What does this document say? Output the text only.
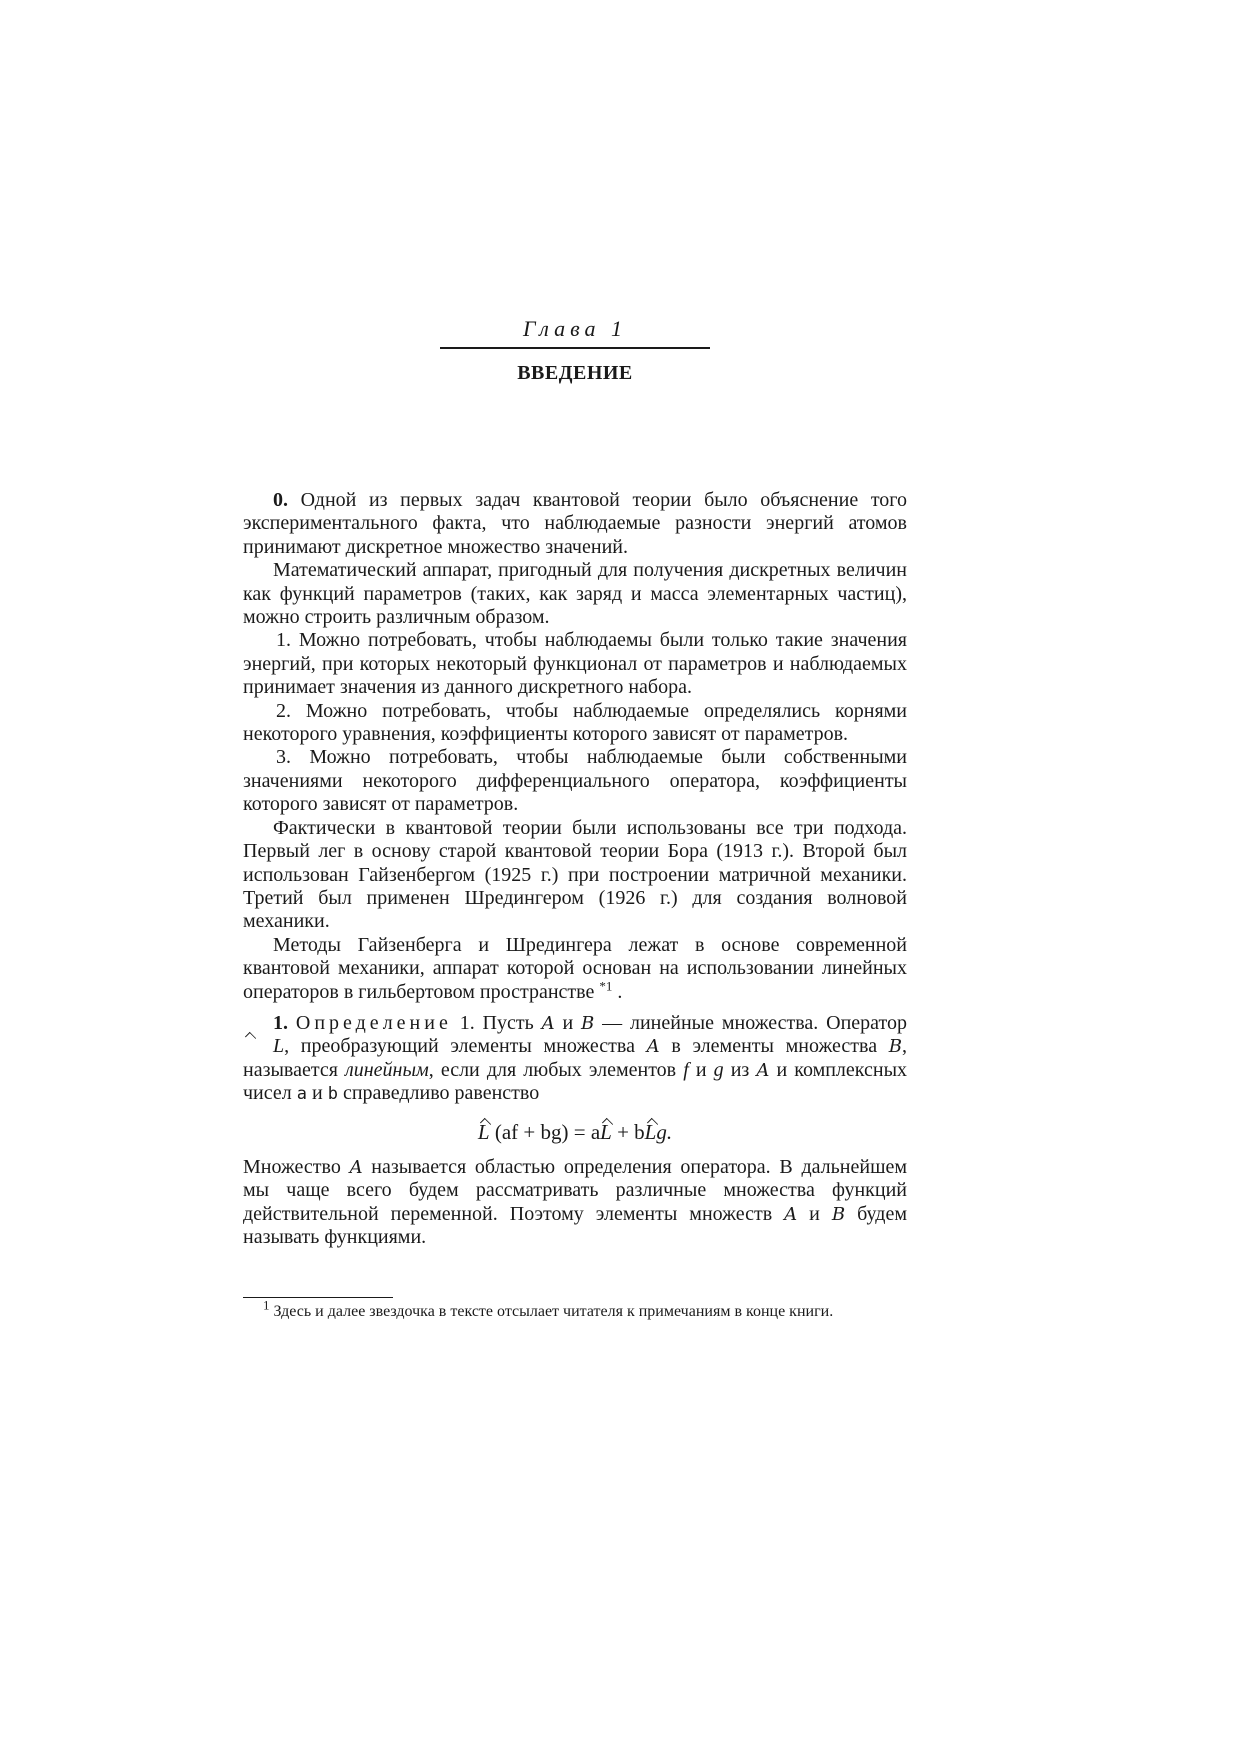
Глава 1
ВВЕДЕНИЕ

0. Одной из первых задач квантовой теории было объяснение того экспериментального факта, что наблюдаемые разности энергий атомов принимают дискретное множество значений.

Математический аппарат, пригодный для получения дискретных величин как функций параметров (таких, как заряд и масса элементарных частиц), можно строить различным образом.

1. Можно потребовать, чтобы наблюдаемы были только такие значения энергий, при которых некоторый функционал от параметров и наблюдаемых принимает значения из данного дискретного набора.

2. Можно потребовать, чтобы наблюдаемые определялись корнями некоторого уравнения, коэффициенты которого зависят от параметров.

3. Можно потребовать, чтобы наблюдаемые были собственными значениями некоторого дифференциального оператора, коэффициенты которого зависят от параметров.

Фактически в квантовой теории были использованы все три подхода. Первый лег в основу старой квантовой теории Бора (1913 г.). Второй был использован Гайзенбергом (1925 г.) при построении матричной механики. Третий был применен Шредингером (1926 г.) для создания волновой механики.

Методы Гайзенберга и Шредингера лежат в основе современной квантовой механики, аппарат которой основан на использовании линейных операторов в гильбертовом пространстве $^{*1}$ .

1. Определение 1. Пусть A и B — линейные множества. Оператор L, преобразующий элементы множества A в элементы множества B, называется линейным, если для любых элементов f и g из A и комплексных чисел a и b справедливо равенство

L (af + bg) = aL + bLg.

Множество A называется областью определения оператора. В дальнейшем мы чаще всего будем рассматривать различные множества функций действительной переменной. Поэтому элементы множеств A и B будем называть функциями.

$^1$ Здесь и далее звездочка в тексте отсылает читателя к примечаниям в конце книги.
